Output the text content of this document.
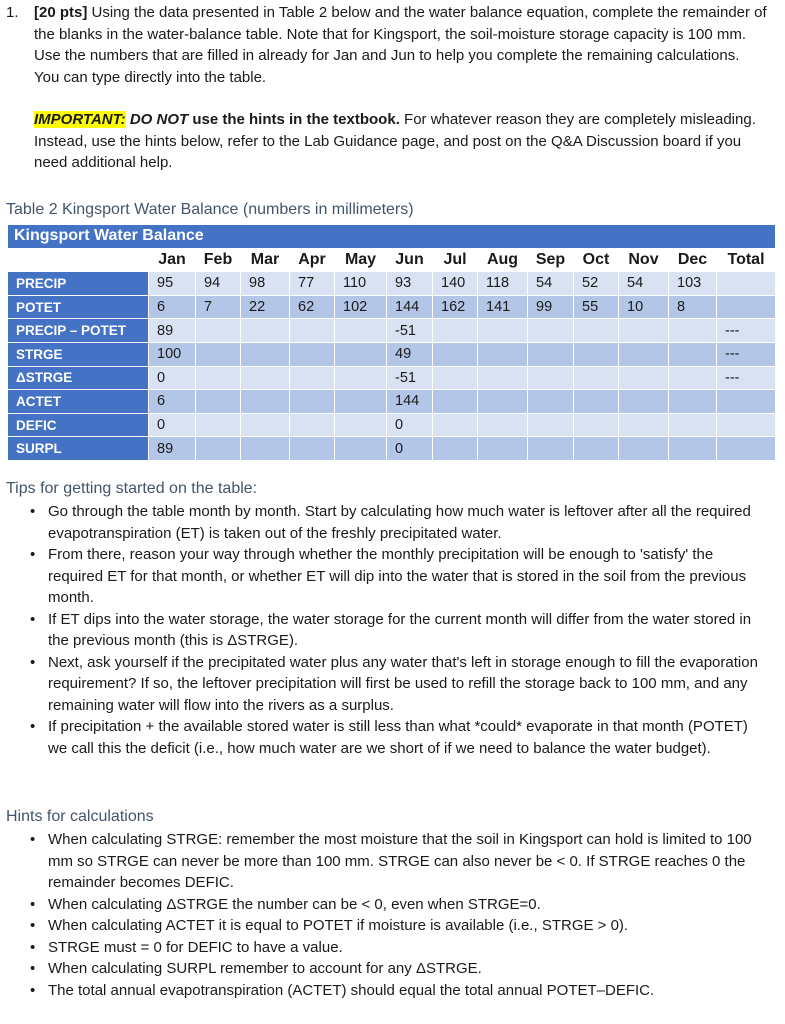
1. [20 pts] Using the data presented in Table 2 below and the water balance equation, complete the remainder of the blanks in the water-balance table. Note that for Kingsport, the soil-moisture storage capacity is 100 mm. Use the numbers that are filled in already for Jan and Jun to help you complete the remaining calculations. You can type directly into the table.

IMPORTANT: DO NOT use the hints in the textbook. For whatever reason they are completely misleading. Instead, use the hints below, refer to the Lab Guidance page, and post on the Q&A Discussion board if you need additional help.

Table 2 Kingsport Water Balance (numbers in millimeters)
Kingsport Water Balance													
	Jan	Feb	Mar	Apr	May	Jun	Jul	Aug	Sep	Oct	Nov	Dec	Total
PRECIP	95	94	98	77	110	93	140	118	54	52	54	103	
POTET	6	7	22	62	102	144	162	141	99	55	10	8	
PRECIP – POTET	89					-51							---
STRGE	100					49							---
ΔSTRGE	0					-51							---
ACTET	6					144							
DEFIC	0					0							
SURPL	89					0							
Tips for getting started on the table:
• Go through the table month by month. Start by calculating how much water is leftover after all the required evapotranspiration (ET) is taken out of the freshly precipitated water.
• From there, reason your way through whether the monthly precipitation will be enough to 'satisfy' the required ET for that month, or whether ET will dip into the water that is stored in the soil from the previous month.
• If ET dips into the water storage, the water storage for the current month will differ from the water stored in the previous month (this is ΔSTRGE).
• Next, ask yourself if the precipitated water plus any water that's left in storage enough to fill the evaporation requirement? If so, the leftover precipitation will first be used to refill the storage back to 100 mm, and any remaining water will flow into the rivers as a surplus.
• If precipitation + the available stored water is still less than what *could* evaporate in that month (POTET) we call this the deficit (i.e., how much water are we short of if we need to balance the water budget).
Hints for calculations
• When calculating STRGE: remember the most moisture that the soil in Kingsport can hold is limited to 100 mm so STRGE can never be more than 100 mm. STRGE can also never be < 0. If STRGE reaches 0 the remainder becomes DEFIC.
• When calculating ΔSTRGE the number can be < 0, even when STRGE=0.
• When calculating ACTET it is equal to POTET if moisture is available (i.e., STRGE > 0).
• STRGE must = 0 for DEFIC to have a value.
• When calculating SURPL remember to account for any ΔSTRGE.
• The total annual evapotranspiration (ACTET) should equal the total annual POTET–DEFIC.
